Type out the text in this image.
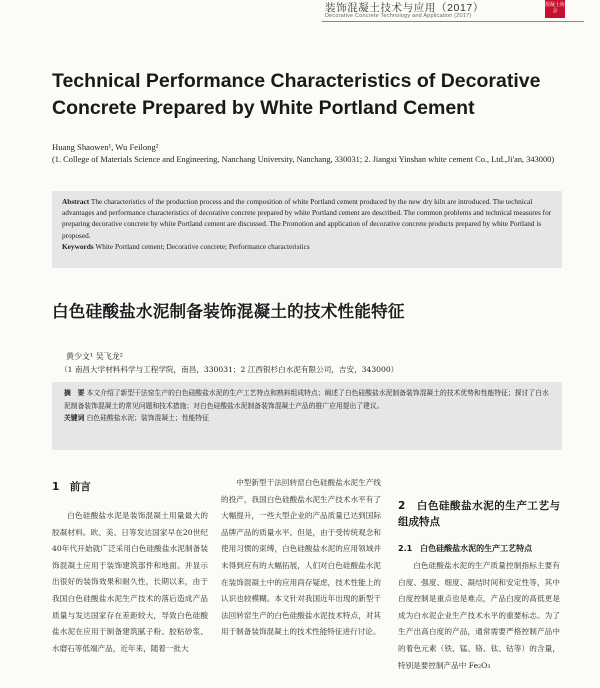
装饰混凝土技术与应用（2017）
Decorative Concrete Technology and Application (2017)
混凝土协会
Technical Performance Characteristics of Decorative Concrete Prepared by White Portland Cement
Huang Shaowen¹, Wu Feilong²
(1. College of Materials Science and Engineering, Nanchang University, Nanchang, 330031; 2. Jiangxi Yinshan white cement Co., Ltd.,Ji'an, 343000)
Abstract The characteristics of the production process and the composition of white Portland cement produced by the new dry kiln are introduced. The technical advantages and performance characteristics of decorative concrete prepared by white Portland cement are described. The common problems and technical measures for preparing decorative concrete by white Portland cement are discussed. The Promotion and application of decorative concrete products prepared by white Portland is proposed.
Keywords White Portland cement; Decorative concrete; Performance characteristics
白色硅酸盐水泥制备装饰混凝土的技术性能特征
黄少文¹ 吴飞龙²
（1 南昌大学材料科学与工程学院，南昌，330031；2 江西银杉白水泥有限公司，吉安，343000）
摘　要 本文介绍了新型干法窑生产的白色硅酸盐水泥的生产工艺特点和熟料组成特点；阐述了白色硅酸盐水泥制备装饰混凝土的技术优势和性能特征；探讨了白水泥制备装饰混凝土的常见问题和技术措施；对白色硅酸盐水泥制备装饰混凝土产品的推广应用提出了建议。
关键词 白色硅酸盐水泥；装饰混凝土；性能特征
1　前言
白色硅酸盐水泥是装饰混凝土用量最大的胶凝材料。欧、美、日等发达国家早在20世纪40年代开始就广泛采用白色硅酸盐水泥制备装饰混凝土应用于装饰建筑部件和地面。并显示出很好的装饰效果和耐久性，长期以来，由于我国白色硅酸盐水泥生产技术的落后造成产品质量与发达国家存在差距较大，导致白色硅酸盐水泥在应用于制备建筑腻子粉、胶粘砂浆、水磨石等低端产品，近年来，随着一批大
中型新型干法回转窑白色硅酸盐水泥生产线的投产，我国白色硅酸盐水泥生产技术水平有了大幅提升，一些大型企业的产品质量已达到国际品牌产品的质量水平。但是，由于受传统观念和使用习惯的束缚，白色硅酸盐水泥的应用领域并未得到应有的大幅拓展，人们对白色硅酸盐水泥在装饰混凝土中的应用尚存疑虑，技术性能上的认识也较模糊。本文针对我国近年出现的新型干法回转窑生产的白色硅酸盐水泥技术特点，对其用于制备装饰混凝土的技术性能特征进行讨论。
2　白色硅酸盐水泥的生产工艺与组成特点
2.1　白色硅酸盐水泥的生产工艺特点
白色硅酸盐水泥的生产质量控制指标主要有白度、强度、细度、凝结时间和安定性等，其中白度控制是重点也是难点，产品白度的高低更是成为白水泥企业生产技术水平的重要标志。为了生产出高白度的产品，通常需要严格控制产品中的着色元素（铁、锰、铬、钛、钴等）的含量，特别是要控制产品中 Fe₂O₃
